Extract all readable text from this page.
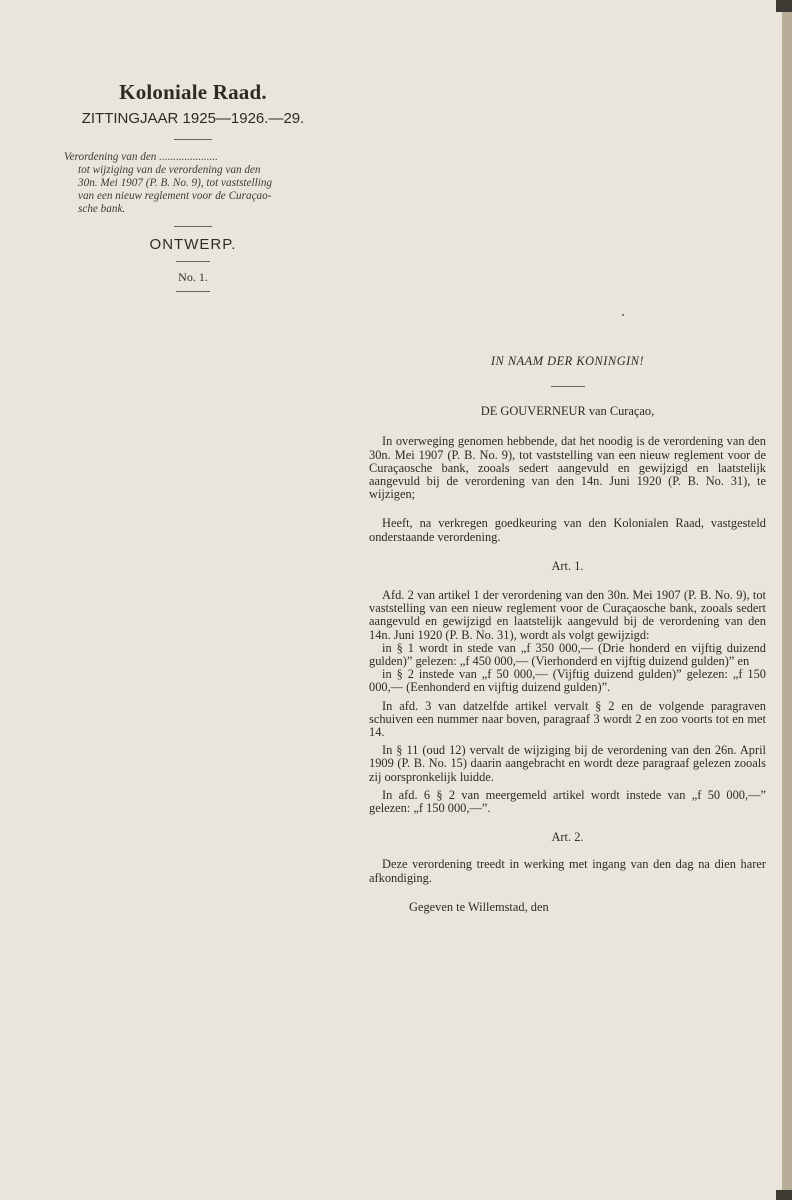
Koloniale Raad.

ZITTINGJAAR 1925—1926.—29.

Verordening van den .....................

tot wijziging van de verordening van den

30n. Mei 1907 (P. B. No. 9), tot vaststelling

van een nieuw reglement voor de Curaçao-

sche bank.

ONTWERP.

No. 1.

IN NAAM DER KONINGIN!

DE GOUVERNEUR van Curaçao,

In overweging genomen hebbende, dat het noodig is de verordening van den 30n. Mei 1907 (P. B. No. 9), tot vaststelling van een nieuw reglement voor de Curaçaosche bank, zooals sedert aangevuld en gewijzigd en laatstelijk aangevuld bij de verordening van den 14n. Juni 1920 (P. B. No. 31), te wijzigen;

Heeft, na verkregen goedkeuring van den Kolonialen Raad, vastgesteld onderstaande verordening.

Art. 1.

Afd. 2 van artikel 1 der verordening van den 30n. Mei 1907 (P. B. No. 9), tot vaststelling van een nieuw reglement voor de Curaçaosche bank, zooals sedert aangevuld en gewijzigd en laatstelijk aangevuld bij de verordening van den 14n. Juni 1920 (P. B. No. 31), wordt als volgt gewijzigd:

in § 1 wordt in stede van „f 350 000,— (Drie honderd en vijftig duizend gulden)” gelezen: „f 450 000,— (Vierhonderd en vijftig duizend gulden)” en

in § 2 instede van „f 50 000,— (Vijftig duizend gulden)” gelezen: „f 150 000,— (Eenhonderd en vijftig duizend gulden)”.

In afd. 3 van datzelfde artikel vervalt § 2 en de volgende paragraven schuiven een nummer naar boven, paragraaf 3 wordt 2 en zoo voorts tot en met 14.

In § 11 (oud 12) vervalt de wijziging bij de verordening van den 26n. April 1909 (P. B. No. 15) daarin aangebracht en wordt deze paragraaf gelezen zooals zij oorspronkelijk luidde.

In afd. 6 § 2 van meergemeld artikel wordt instede van „f 50 000,—” gelezen: „f 150 000,—”.

Art. 2.

Deze verordening treedt in werking met ingang van den dag na dien harer afkondiging.

Gegeven te Willemstad, den
